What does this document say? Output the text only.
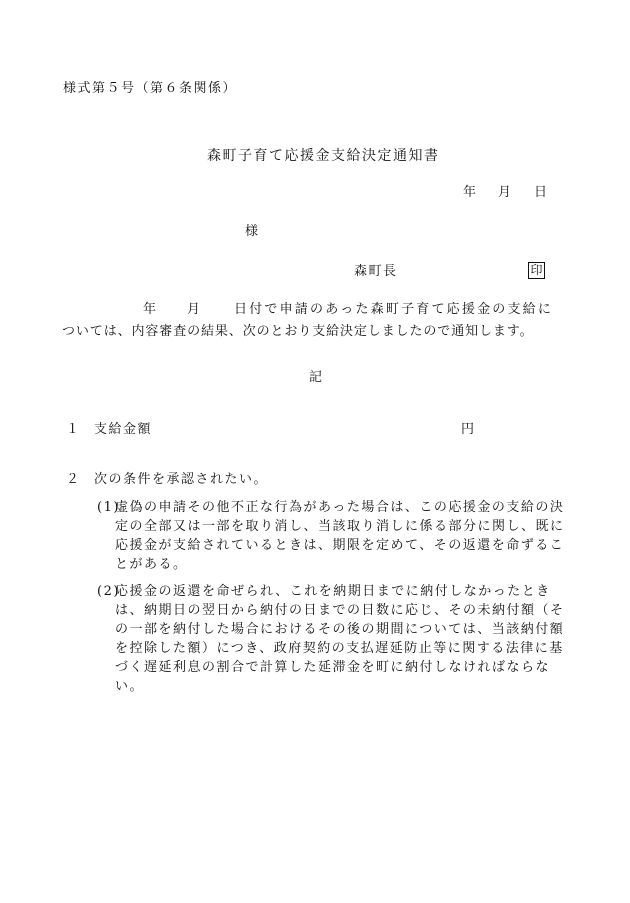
様式第５号（第６条関係）
森町子育て応援金支給決定通知書
年 月 日
様
森町長	印
年 月 日付で申請のあった森町子育て応援金の支給に
ついては、内容審査の結果、次のとおり支給決定しましたので通知します。
記
１ 支給金額	円
２ 次の条件を承認されたい。
(1)
虚偽の申請その他不正な行為があった場合は、この応援金の支給の決定の全部又は一部を取り消し、当該取り消しに係る部分に関し、既に応援金が支給されているときは、期限を定めて、その返還を命ずることがある。
(2)
応援金の返還を命ぜられ、これを納期日までに納付しなかったときは、納期日の翌日から納付の日までの日数に応じ、その未納付額（その一部を納付した場合におけるその後の期間については、当該納付額を控除した額）につき、政府契約の支払遅延防止等に関する法律に基づく遅延利息の割合で計算した延滞金を町に納付しなければならない。
